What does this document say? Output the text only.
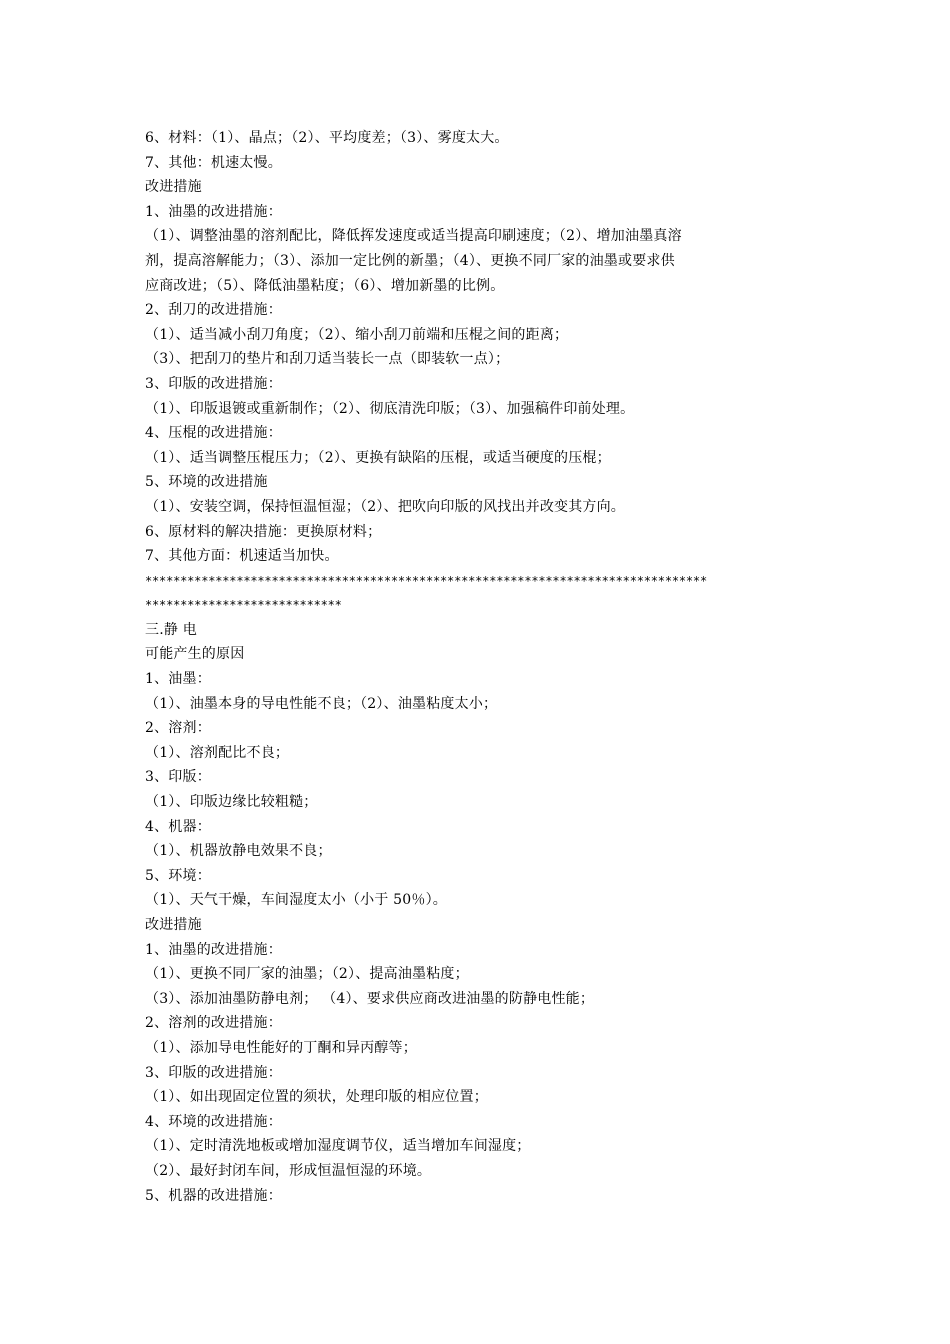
6、材料：（1）、晶点；（2）、平均度差；（3）、雾度太大。
7、其他：机速太慢。
改进措施
1、油墨的改进措施：
（1）、调整油墨的溶剂配比，降低挥发速度或适当提高印刷速度；（2）、增加油墨真溶
剂，提高溶解能力；（3）、添加一定比例的新墨；（4）、更换不同厂家的油墨或要求供
应商改进；（5）、降低油墨粘度；（6）、增加新墨的比例。
2、刮刀的改进措施：
（1）、适当减小刮刀角度；（2）、缩小刮刀前端和压棍之间的距离；
（3）、把刮刀的垫片和刮刀适当装长一点（即装软一点）；
3、印版的改进措施：
（1）、印版退镀或重新制作；（2）、彻底清洗印版；（3）、加强稿件印前处理。
4、压棍的改进措施：
（1）、适当调整压棍压力；（2）、更换有缺陷的压棍，或适当硬度的压棍；
5、环境的改进措施
（1）、安装空调，保持恒温恒湿；（2）、把吹向印版的风找出并改变其方向。
6、原材料的解决措施：更换原材料；
7、其他方面：机速适当加快。
********************************************************************************
****************************
三.静 电
可能产生的原因
1、油墨：
（1）、油墨本身的导电性能不良；（2）、油墨粘度太小；
2、溶剂：
（1）、溶剂配比不良；
3、印版：
（1）、印版边缘比较粗糙；
4、机器：
（1）、机器放静电效果不良；
5、环境：
（1）、天气干燥，车间湿度太小（小于 50％）。
改进措施
1、油墨的改进措施：
（1）、更换不同厂家的油墨；（2）、提高油墨粘度；
（3）、添加油墨防静电剂； （4）、要求供应商改进油墨的防静电性能；
2、溶剂的改进措施：
（1）、添加导电性能好的丁酮和异丙醇等；
3、印版的改进措施：
（1）、如出现固定位置的须状，处理印版的相应位置；
4、环境的改进措施：
（1）、定时清洗地板或增加湿度调节仪，适当增加车间湿度；
（2）、最好封闭车间，形成恒温恒湿的环境。
5、机器的改进措施：
